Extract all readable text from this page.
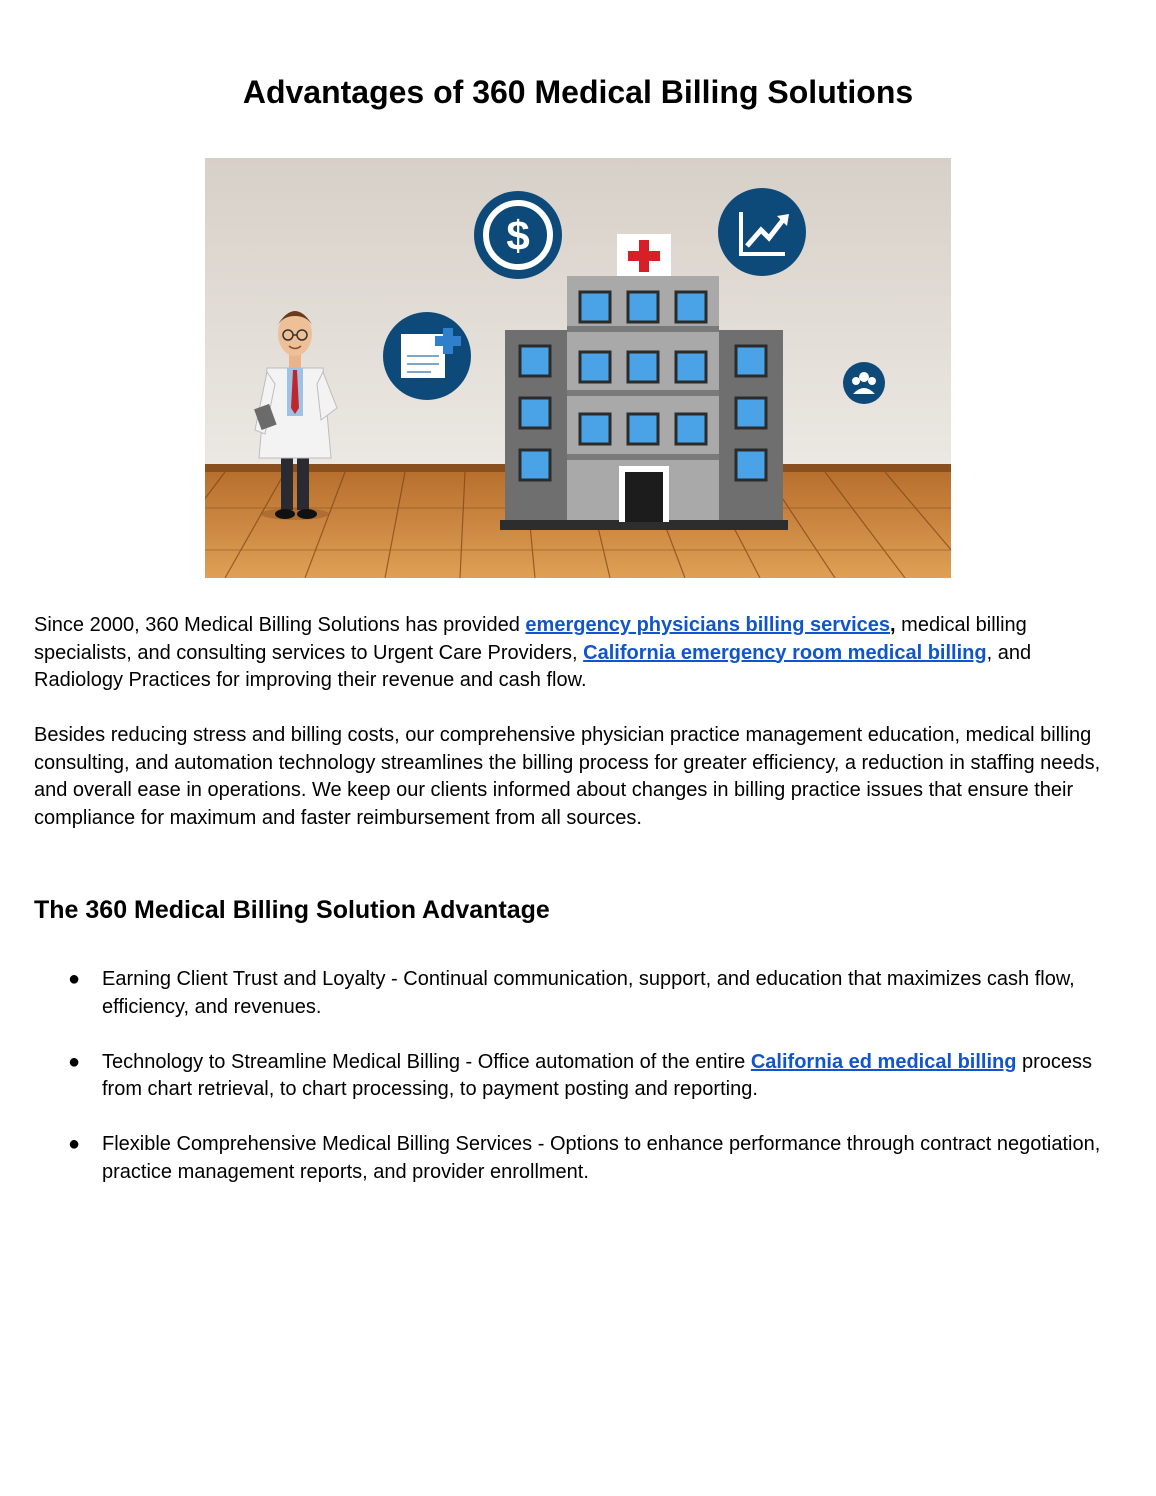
Advantages of 360 Medical Billing Solutions
$

Since 2000, 360 Medical Billing Solutions has provided emergency physicians billing services, medical billing specialists, and consulting services to Urgent Care Providers, California emergency room medical billing, and Radiology Practices for improving their revenue and cash flow.

Besides reducing stress and billing costs, our comprehensive physician practice management education, medical billing consulting, and automation technology streamlines the billing process for greater efficiency, a reduction in staffing needs, and overall ease in operations. We keep our clients informed about changes in billing practice issues that ensure their compliance for maximum and faster reimbursement from all sources.

The 360 Medical Billing Solution Advantage
● Earning Client Trust and Loyalty - Continual communication, support, and education that maximizes cash flow, efficiency, and revenues.
● Technology to Streamline Medical Billing - Office automation of the entire California ed medical billing process from chart retrieval, to chart processing, to payment posting and reporting.
● Flexible Comprehensive Medical Billing Services - Options to enhance performance through contract negotiation, practice management reports, and provider enrollment.
